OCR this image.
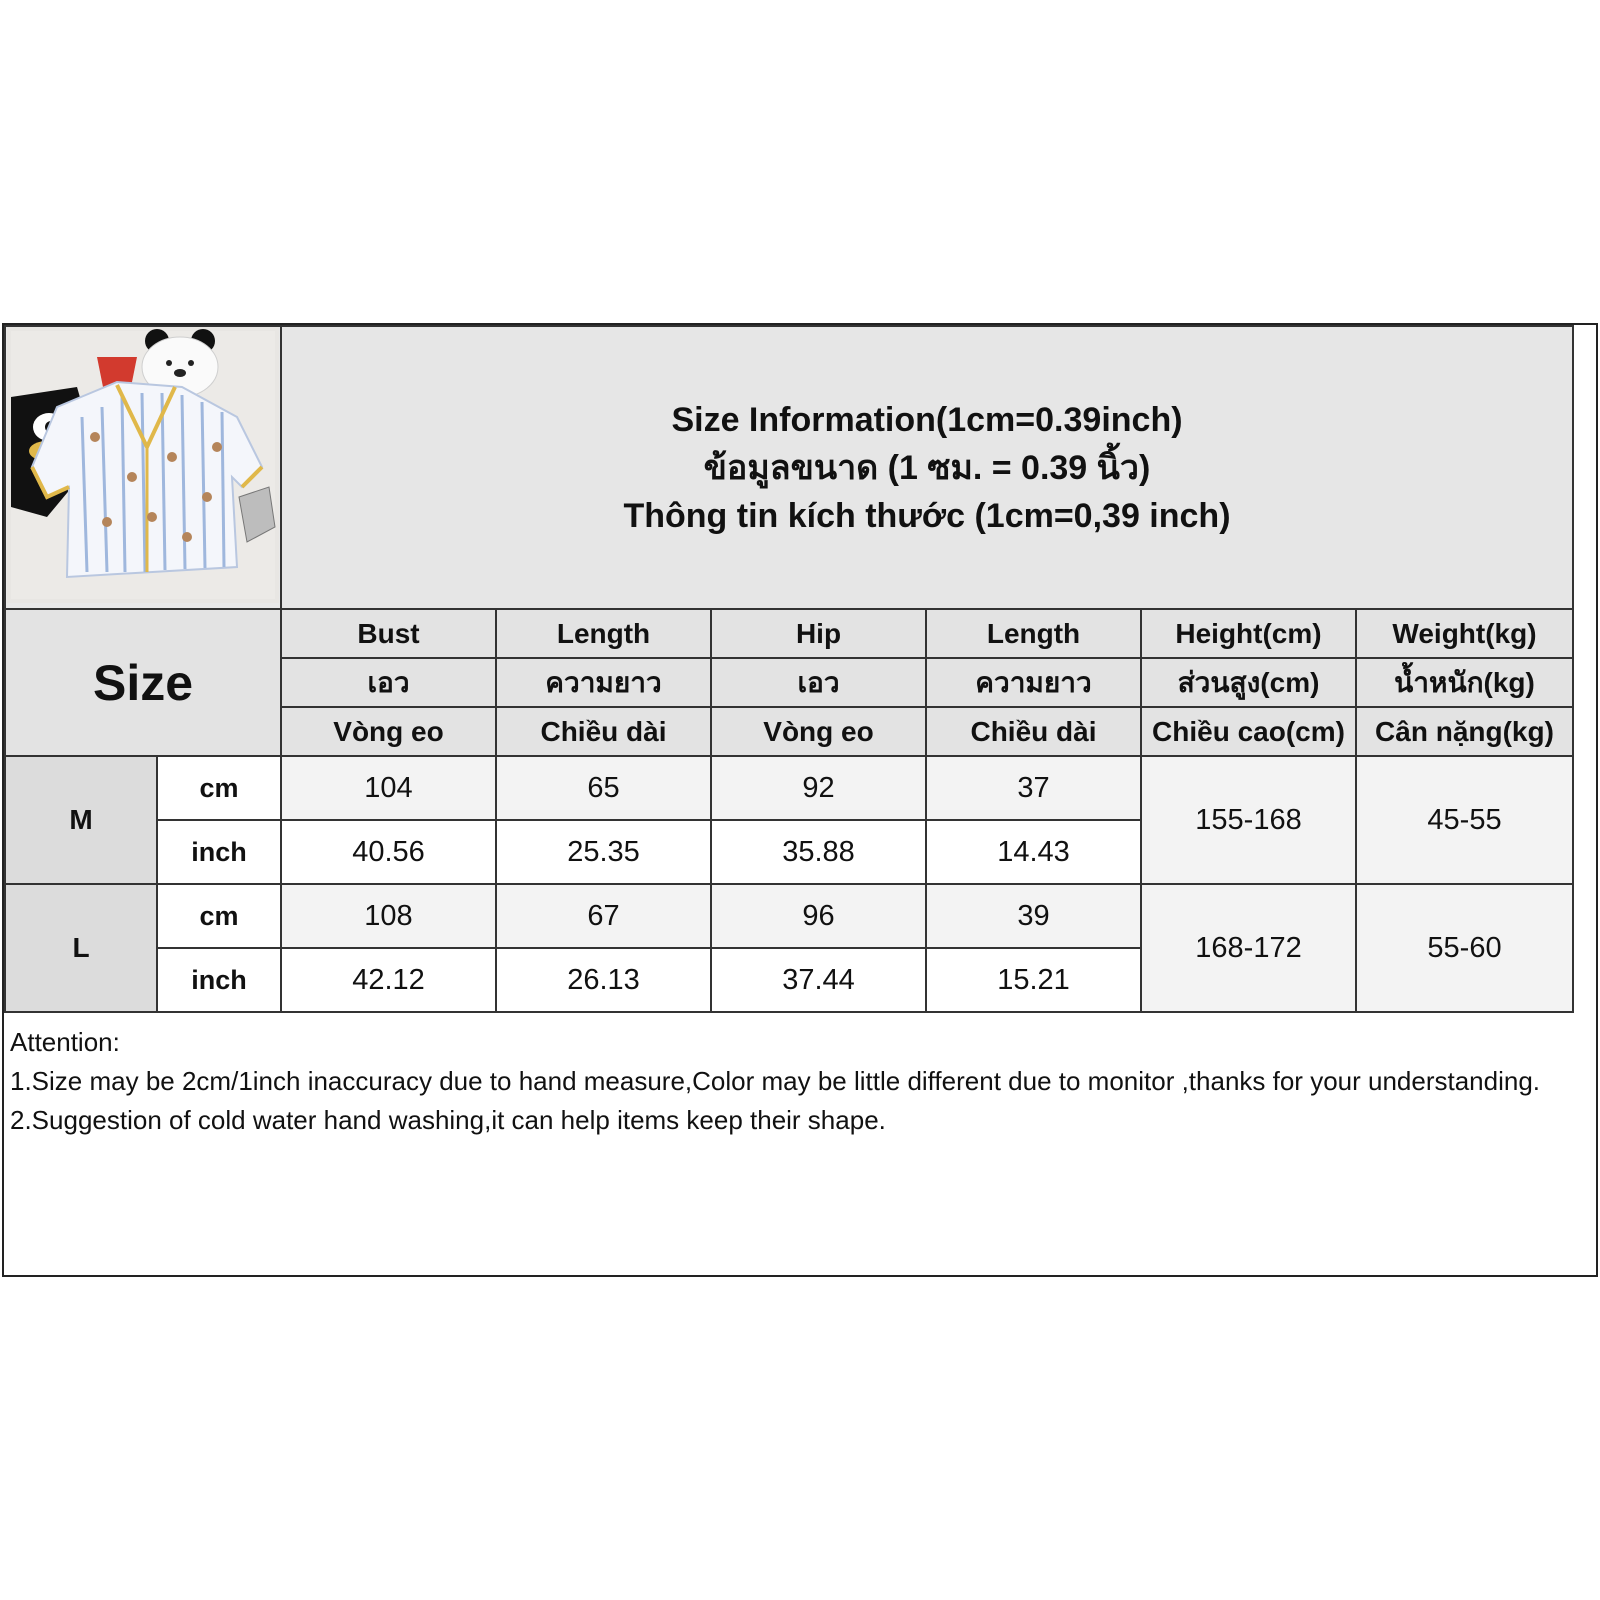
Size Information(1cm=0.39inch)
ข้อมูลขนาด (1 ซม. = 0.39 นิ้ว)
Thông tin kích thước (1cm=0,39 inch)					

Size		Bust	Length	Hip	Length	Height(cm)	Weight(kg)
		เอว	ความยาว	เอว	ความยาว	ส่วนสูง(cm)	น้ำหนัก(kg)
		Vòng eo	Chiều dài	Vòng eo	Chiều dài	Chiều cao(cm)	Cân nặng(kg)
M	cm	104	65	92	37	155-168	45-55
	inch	40.56	25.35	35.88	14.43		
L	cm	108	67	96	39	168-172	55-60
	inch	42.12	26.13	37.44	15.21		
Attention:
1.Size may be 2cm/1inch inaccuracy due to hand measure,Color may be little different due to monitor ,thanks for your understanding.
2.Suggestion of cold water hand washing,it can help items keep their shape.
